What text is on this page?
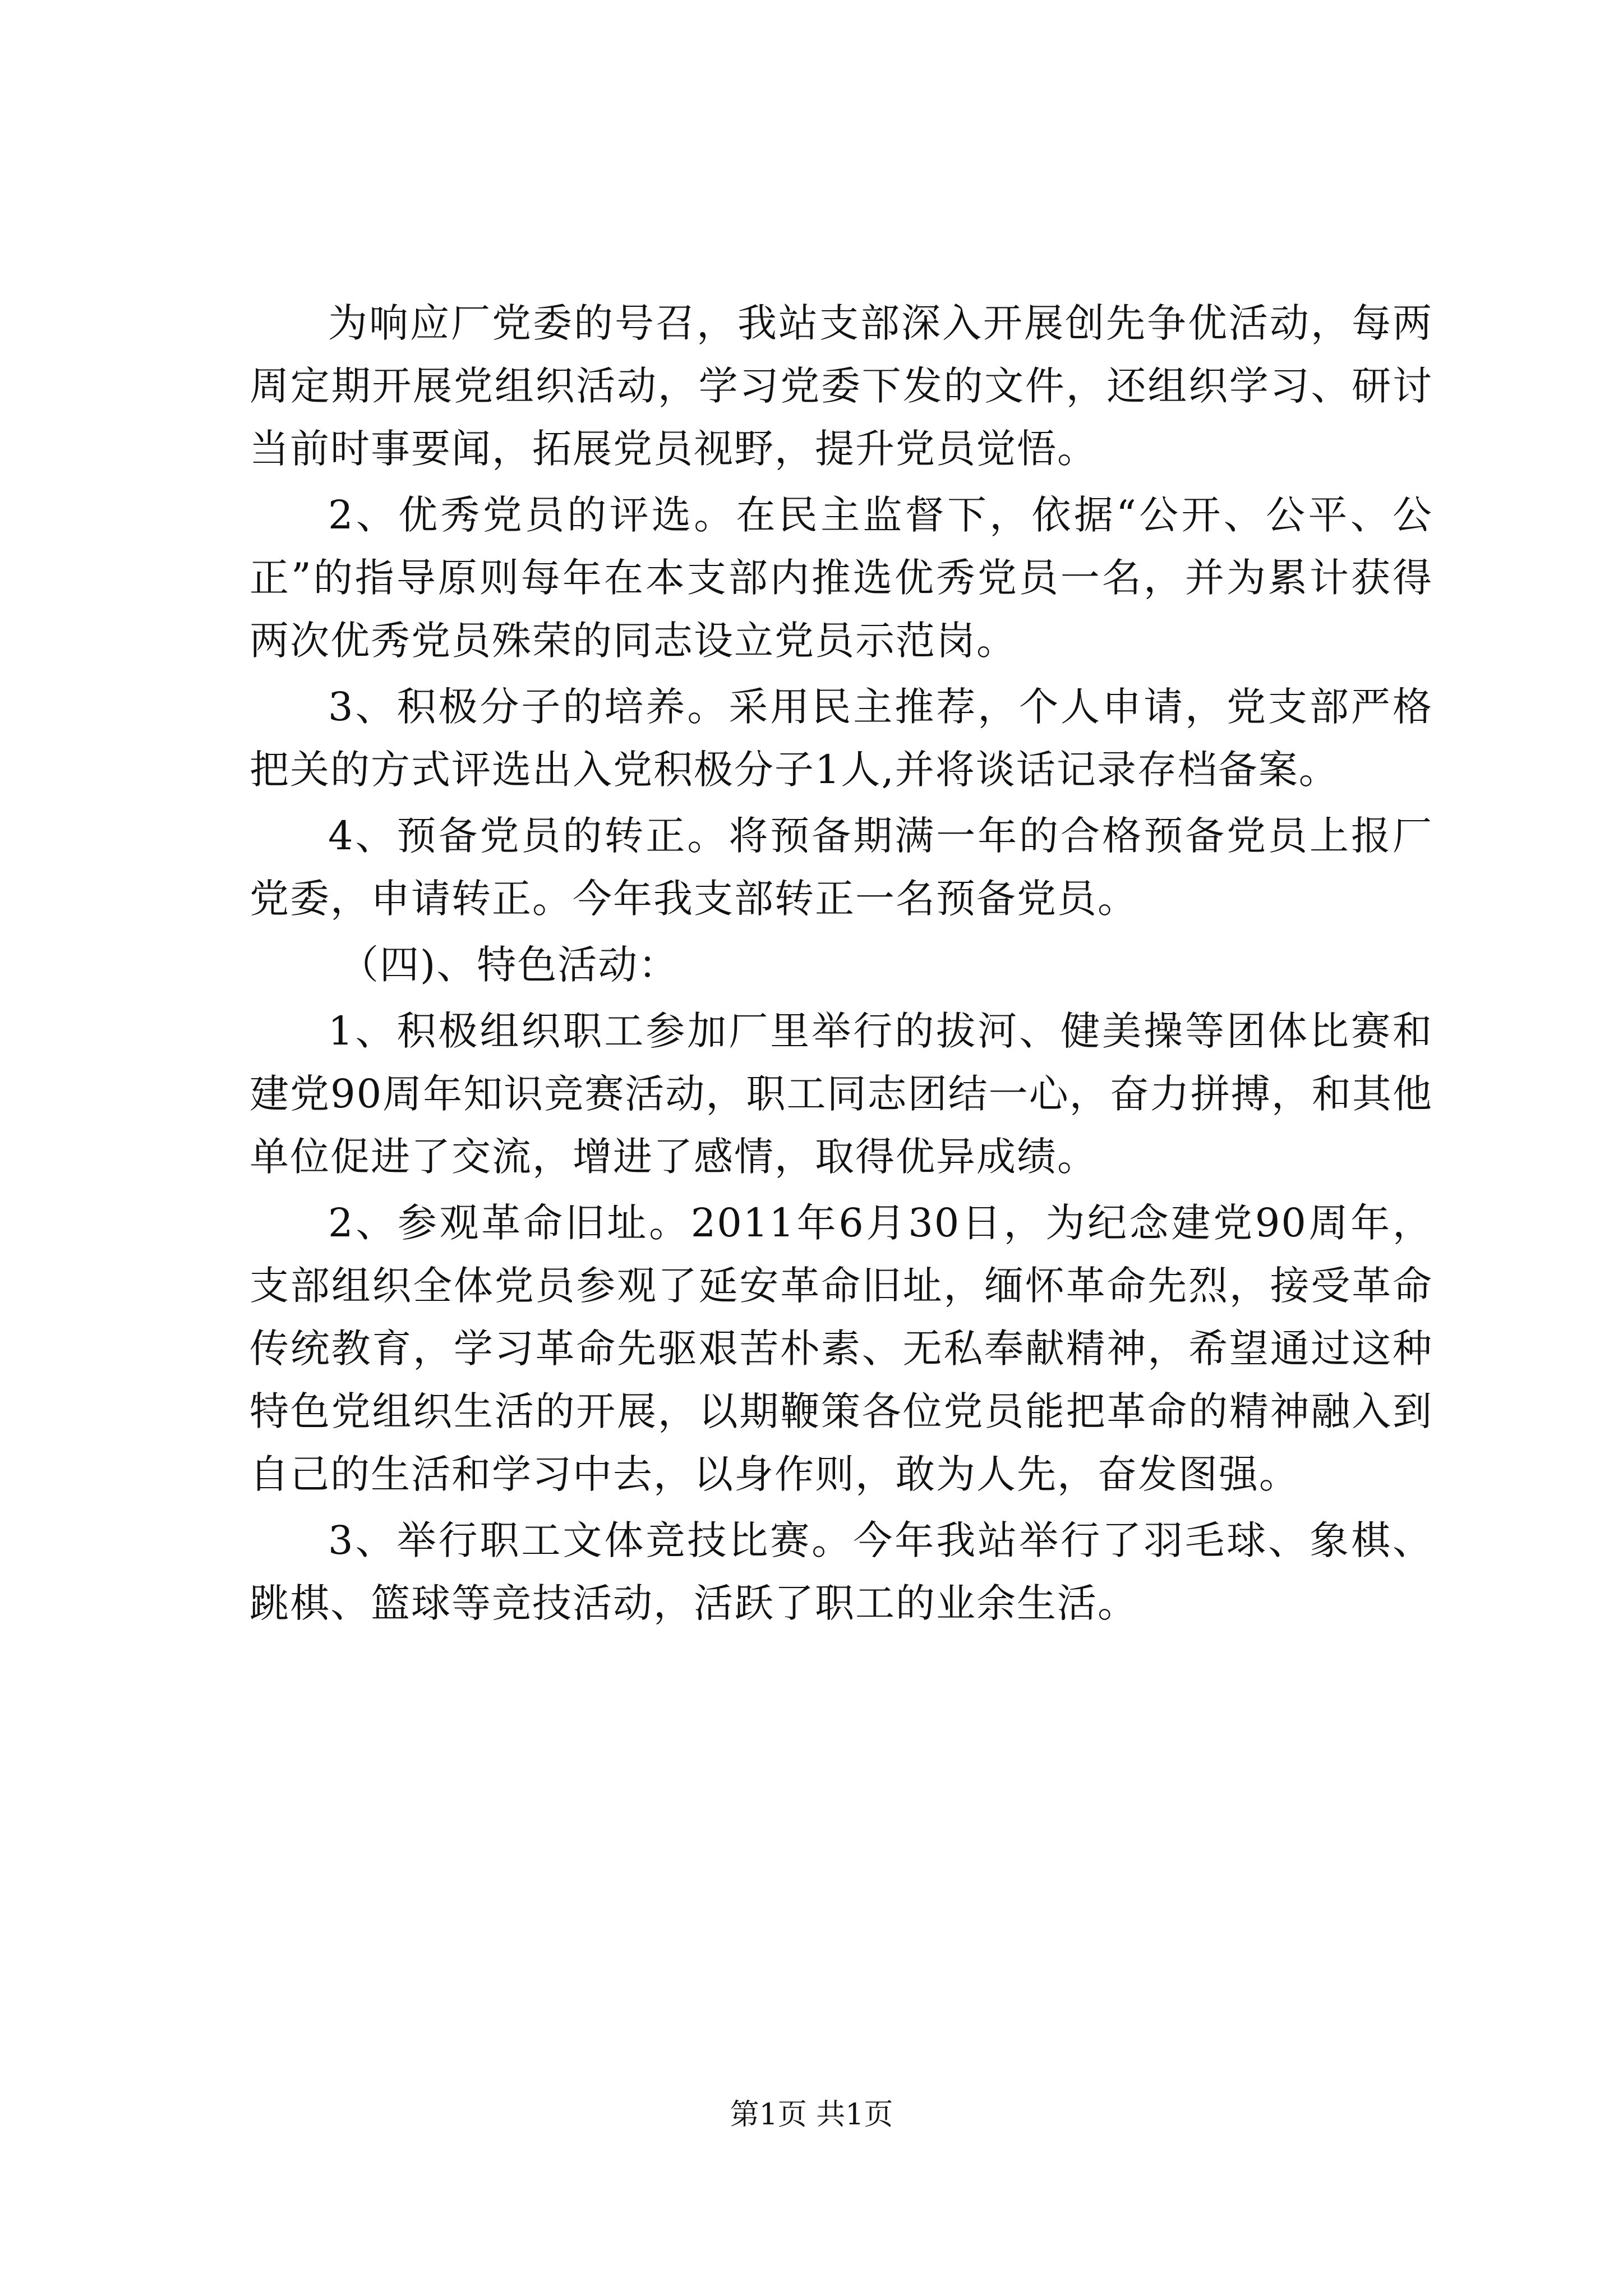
为响应厂党委的号召，我站支部深入开展创先争优活动，每两周定期开展党组织活动，学习党委下发的文件，还组织学习、研讨当前时事要闻，拓展党员视野，提升党员觉悟。

2、优秀党员的评选。在民主监督下，依据“公开、公平、公正”的指导原则每年在本支部内推选优秀党员一名，并为累计获得两次优秀党员殊荣的同志设立党员示范岗。

3、积极分子的培养。采用民主推荐，个人申请，党支部严格把关的方式评选出入党积极分子1人,并将谈话记录存档备案。

4、预备党员的转正。将预备期满一年的合格预备党员上报厂党委，申请转正。今年我支部转正一名预备党员。

（四)、特色活动：

1、积极组织职工参加厂里举行的拔河、健美操等团体比赛和建党90周年知识竞赛活动，职工同志团结一心，奋力拼搏，和其他单位促进了交流，增进了感情，取得优异成绩。

2、参观革命旧址。2011年6月30日，为纪念建党90周年，支部组织全体党员参观了延安革命旧址，缅怀革命先烈，接受革命传统教育，学习革命先驱艰苦朴素、无私奉献精神，希望通过这种特色党组织生活的开展，以期鞭策各位党员能把革命的精神融入到自己的生活和学习中去，以身作则，敢为人先，奋发图强。

3、举行职工文体竞技比赛。今年我站举行了羽毛球、象棋、跳棋、篮球等竞技活动，活跃了职工的业余生活。

第1页 共1页
